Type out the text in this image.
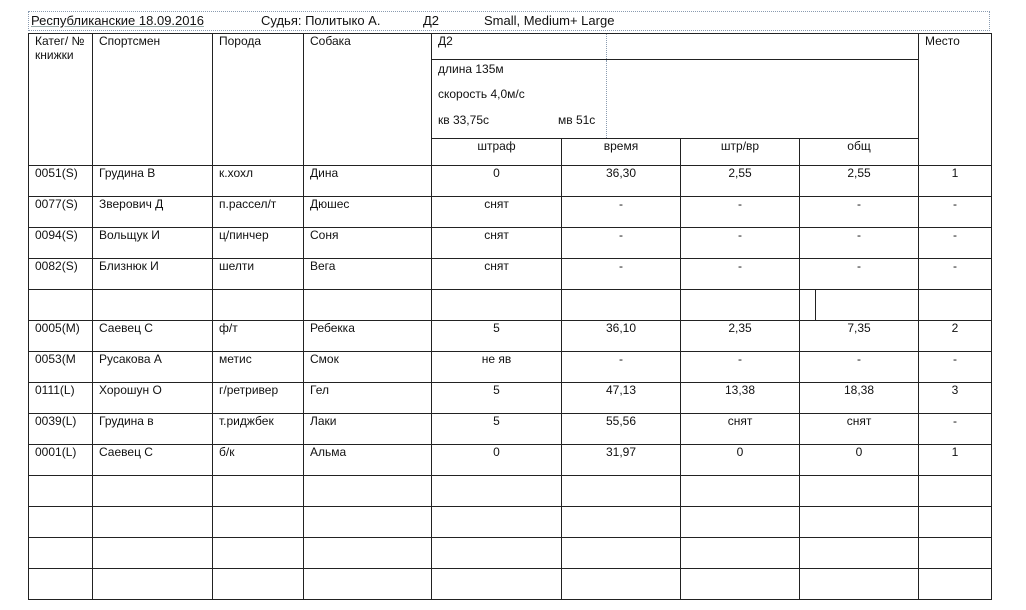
Республиканские 18.09.2016	Судья: Политыко А.	Д2	Small, Medium+ Large
Катег/ № книжки	Спортсмен	Порода	Собака	Д2						Место

				длина 135м
скорость 4,0м/с
кв 33,75с мв 51с						

				штраф	время		штр/вр	общ		
0051(S)	Грудина В	к.хохл	Дина	0	36,30		2,55	2,55		1
0077(S)	Зверович Д	п.рассел/т	Дюшес	снят	-		-	-		-
0094(S)	Вольщук И	ц/пинчер	Соня	снят	-		-	-		-
0082(S)	Близнюк И	шелти	Вега	снят	-		-	-		-

0005(M)	Саевец С	ф/т	Ребекка	5	36,10		2,35	7,35		2
0053(M	Русакова А	метис	Смок	не яв	-		-	-		-
0111(L)	Хорошун О	г/ретривер	Гел	5	47,13		13,38	18,38		3
0039(L)	Грудина в	т.риджбек	Лаки	5	55,56		снят	снят		-
0001(L)	Саевец С	б/к	Альма	0	31,97		0	0		1
